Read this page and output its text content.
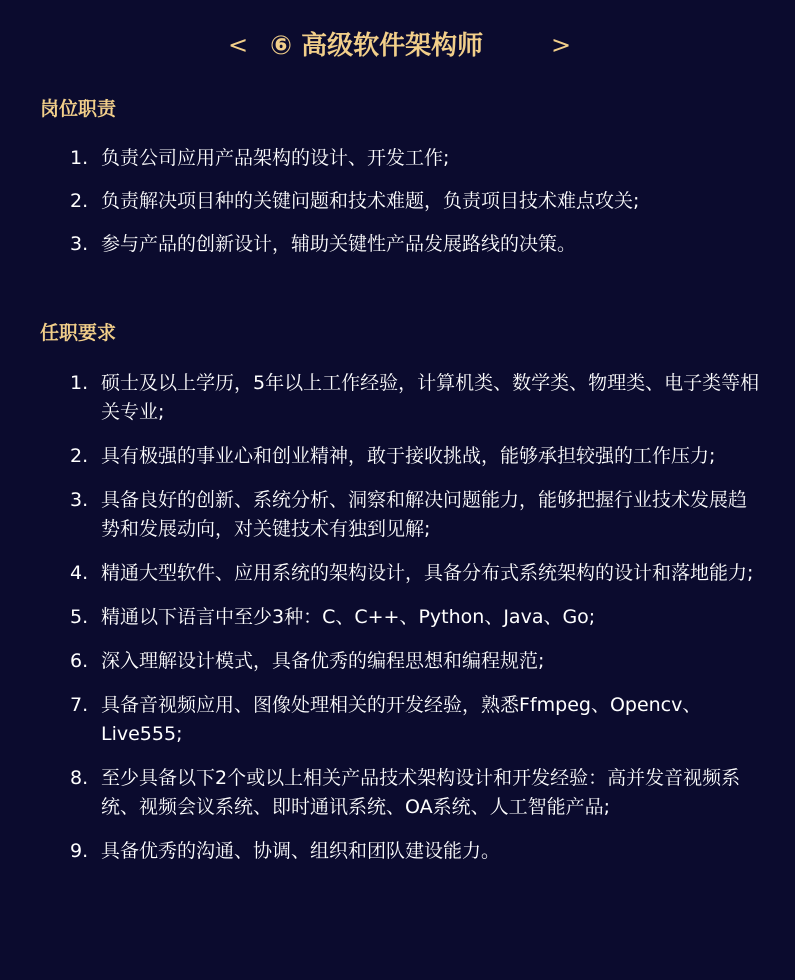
< ⑥ 高级软件架构师	>
岗位职责
1. 负责公司应用产品架构的设计、开发工作;
2. 负责解决项目种的关键问题和技术难题，负责项目技术难点攻关;
3. 参与产品的创新设计，辅助关键性产品发展路线的决策。
任职要求
1. 硕士及以上学历，5年以上工作经验，计算机类、数学类、物理类、电子类等相关专业;
2. 具有极强的事业心和创业精神，敢于接收挑战，能够承担较强的工作压力;
3. 具备良好的创新、系统分析、洞察和解决问题能力，能够把握行业技术发展趋势和发展动向，对关键技术有独到见解;
4. 精通大型软件、应用系统的架构设计，具备分布式系统架构的设计和落地能力;
5. 精通以下语言中至少3种：C、C++、Python、Java、Go;
6. 深入理解设计模式，具备优秀的编程思想和编程规范;
7. 具备音视频应用、图像处理相关的开发经验，熟悉Ffmpeg、Opencv、Live555;
8. 至少具备以下2个或以上相关产品技术架构设计和开发经验：高并发音视频系统、视频会议系统、即时通讯系统、OA系统、人工智能产品;
9. 具备优秀的沟通、协调、组织和团队建设能力。
